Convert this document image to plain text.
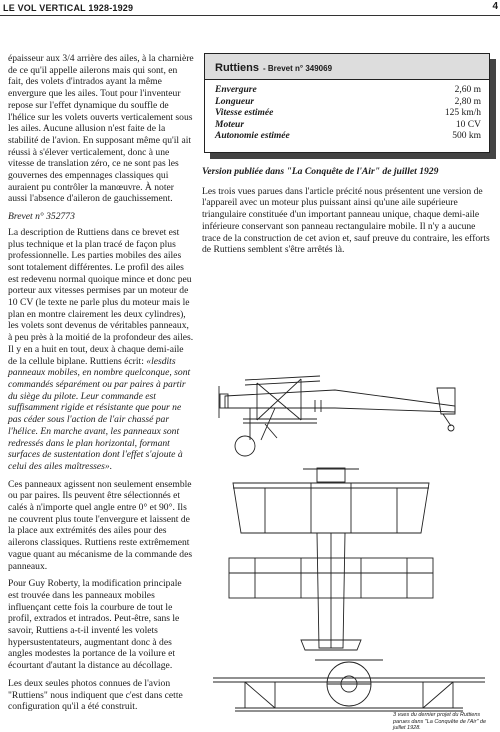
LE VOL VERTICAL 1928-1929	4

épaisseur aux 3/4 arrière des ailes, à la charnière de ce qu'il appelle ailerons mais qui sont, en fait, des volets d'intrados ayant la même envergure que les ailes. Tout pour l'inventeur repose sur l'effet dynamique du souffle de l'hélice sur les volets ouverts verticalement sous les ailes. Aucune allusion n'est faite de la stabilité de l'avion. En supposant même qu'il ait réussi à s'élever verticalement, donc à une vitesse de translation zéro, ce ne sont pas les gouvernes des empennages classiques qui auraient pu contrôler la manœuvre. À noter aussi l'absence d'aileron de gauchissement.

Brevet n° 352773

La description de Ruttiens dans ce brevet est plus technique et la plan tracé de façon plus professionnelle. Les parties mobiles des ailes sont totalement différentes. Le profil des ailes est redevenu normal quoique mince et donc peu porteur aux vitesses permises par un moteur de 10 CV (le texte ne parle plus du moteur mais le plan en montre clairement les deux cylindres), les volets sont devenus de véritables panneaux, à peu près à la moitié de la profondeur des ailes. Il y en a huit en tout, deux à chaque demi-aile de la cellule biplane. Ruttiens écrit: «lesdits panneaux mobiles, en nombre quelconque, sont commandés séparément ou par paires à partir du siège du pilote. Leur commande est suffisamment rigide et résistante que pour ne pas céder sous l'action de l'air chassé par l'hélice. En marche avant, les panneaux sont redressés dans le plan horizontal, formant surfaces de sustentation dont l'effet s'ajoute à celui des ailes maîtresses».

Ces panneaux agissent non seulement ensemble ou par paires. Ils peuvent être sélectionnés et calés à n'importe quel angle entre 0° et 90°. Ils ne couvrent plus toute l'envergure et laissent de la place aux extrémités des ailes pour des ailerons classiques. Ruttiens reste extrêmement vague quant au mécanisme de la commande des panneaux.

Pour Guy Roberty, la modification principale est trouvée dans les panneaux mobiles influençant cette fois la courbure de tout le profil, extrados et intrados. Peut-être, sans le savoir, Ruttiens a-t-il inventé les volets hypersustentateurs, augmentant donc à des angles modestes la portance de la voilure et écourtant d'autant la distance au décollage.

Les deux seules photos connues de l'avion "Ruttiens" nous indiquent que c'est dans cette configuration qu'il a été construit.

Ruttiens - Brevet n° 349069
Envergure	2,60 m
Longueur	2,80 m
Vitesse estimée	125 km/h
Moteur	10 CV
Autonomie estimée	500 km

Version publiée dans "La Conquête de l'Air" de juillet 1929

Les trois vues parues dans l'article précité nous présentent une version de l'appareil avec un moteur plus puissant ainsi qu'une aile supérieure triangulaire constituée d'un important panneau unique, chaque demi-aile inférieure conservant son panneau rectangulaire mobile. Il n'y a aucune trace de la construction de cet avion et, sauf preuve du contraire, les efforts de Ruttiens semblent s'être arrêtés là.

3 vues du dernier projet du Ruttiens parues dans "La Conquête de l'Air" de juillet 1928.
